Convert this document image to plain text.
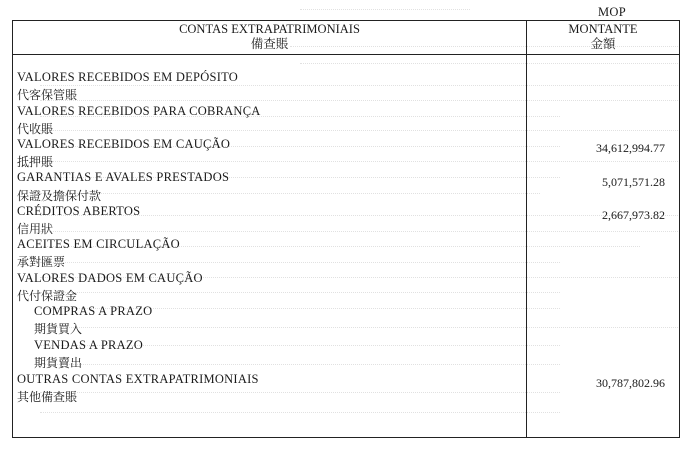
MOP
CONTAS EXTRAPATRIMONIAIS
備查賬
MONTANTE
金額
VALORES RECEBIDOS EM DEPÓSITO
代客保管賬
VALORES RECEBIDOS PARA COBRANÇA
代收賬
VALORES RECEBIDOS EM CAUÇÃO
抵押賬
34,612,994.77
GARANTIAS E AVALES PRESTADOS
保證及擔保付款
5,071,571.28
CRÉDITOS ABERTOS
信用狀
2,667,973.82
ACEITES EM CIRCULAÇÃO
承對匯票
VALORES DADOS EM CAUÇÃO
代付保證金
COMPRAS A PRAZO
期貨買入
VENDAS A PRAZO
期貨賣出
OUTRAS CONTAS EXTRAPATRIMONIAIS
其他備查賬
30,787,802.96
